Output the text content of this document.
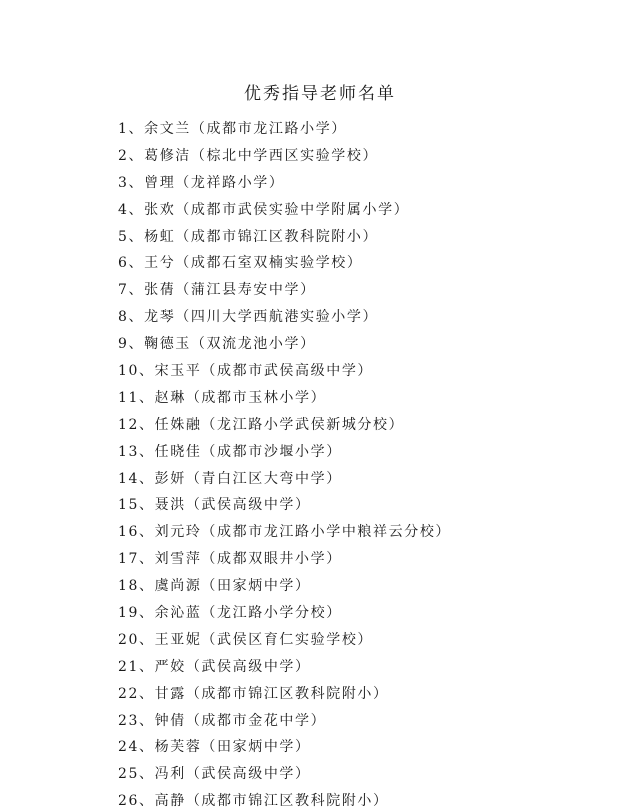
优秀指导老师名单
1、余文兰（成都市龙江路小学）
2、葛修洁（棕北中学西区实验学校）
3、曾理（龙祥路小学）
4、张欢（成都市武侯实验中学附属小学）
5、杨虹（成都市锦江区教科院附小）
6、王兮（成都石室双楠实验学校）
7、张蒨（蒲江县寿安中学）
8、龙琴（四川大学西航港实验小学）
9、鞠德玉（双流龙池小学）
10、宋玉平（成都市武侯高级中学）
11、赵琳（成都市玉林小学）
12、任姝融（龙江路小学武侯新城分校）
13、任晓佳（成都市沙堰小学）
14、彭妍（青白江区大弯中学）
15、聂洪（武侯高级中学）
16、刘元玲（成都市龙江路小学中粮祥云分校）
17、刘雪萍（成都双眼井小学）
18、虞尚源（田家炳中学）
19、余沁蓝（龙江路小学分校）
20、王亚妮（武侯区育仁实验学校）
21、严姣（武侯高级中学）
22、甘露（成都市锦江区教科院附小）
23、钟倩（成都市金花中学）
24、杨芙蓉（田家炳中学）
25、冯利（武侯高级中学）
26、高静（成都市锦江区教科院附小）
